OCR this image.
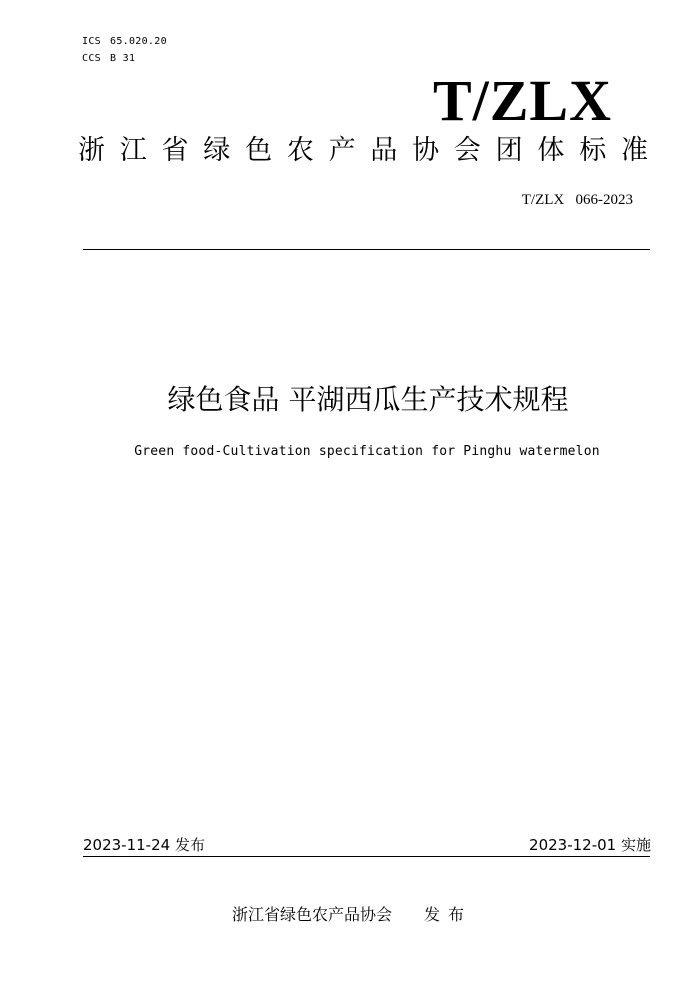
ICS 65.020.20
CCS B 31
T/ZLX
浙 江 省 绿 色 农 产 品 协 会 团 体 标 准
T/ZLX   066-2023
绿色食品 平湖西瓜生产技术规程
Green food-Cultivation specification for Pinghu watermelon
2023-11-24 发布	2023-12-01 实施
浙江省绿色农产品协会 发布
